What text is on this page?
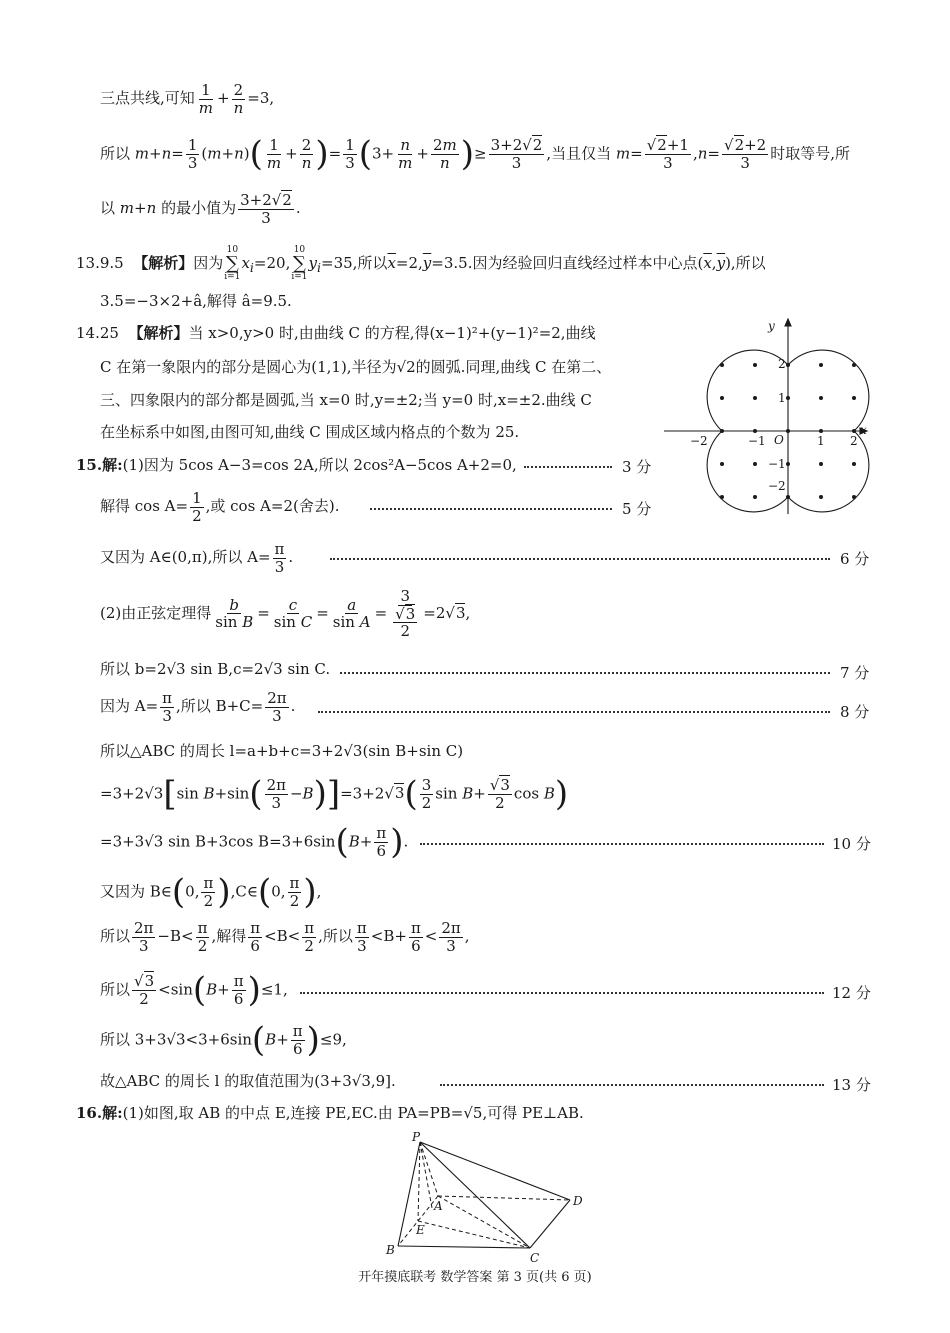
三点共线,可知 $\frac{1}{m} + \frac{2}{n} =3$,
所以 $m+n= \frac{1}{3} (m+n)( \frac{1}{m} + \frac{2}{n}$ )= $\frac{1}{3} (3+ \frac{n}{m} + \frac{2m}{n}$ )≥ $\frac{3+2√2}{3}$ ,当且仅当 $m= \frac{√2+1}{3} ,n= \frac{√2+2}{3}$ 时取等号,所
以 m+n 的最小值为 $\frac{3+2√2}{3}$ .
13.9.5 【解析】因为
10
∑
i=1
$x_i=20$,
10
∑
i=1
$y_i=35$,所以$\overline{x}=2,\overline{y}=3.5$.因为经验回归直线经过样本中心点$(\overline{x},\overline{y})$,所以
3.5=−3×2+â,解得 â=9.5.
14.25 【解析】当 x>0,y>0 时,由曲线 C 的方程,得(x−1)²+(y−1)²=2,曲线
C 在第一象限内的部分是圆心为(1,1),半径为√2的圆弧.同理,曲线 C 在第二、
三、四象限内的部分都是圆弧,当 x=0 时,y=±2;当 y=0 时,x=±2.曲线 C
在坐标系中如图,由图可知,曲线 C 围成区域内格点的个数为 25.	x
y
O
−2	−1	1 2
2
1
−1
−2
15.解:(1)因为 5cos A−3=cos 2A,所以 2cos²A−5cos A+2=0,	3 分
解得 $\cos A= \frac{1}{2}$ ,或 cos A=2(舍去).	5 分
又因为 A∈(0,π),所以 $A= \frac{\pi}{3}$ .	6 分
(2)由正弦定理得 $\frac{b}{\text{sin B}} = \frac{c}{\text{sin C}} = \frac{a}{\text{sin A}} = \frac{3}{\frac{√3}{2}} =2√3$,
所以 b=2√3 sin B,c=2√3 sin C.	7 分
因为 $A= \frac{\pi}{3}$ ,所以 $B+C= \frac{2\pi}{3}$ .	8 分
所以△ABC 的周长 l=a+b+c=3+2√3(sin B+sin C)
=3+2√3[sin $B+\sin( \frac{2\pi}{3} -B)]=3+2√3( \frac{3}{2}$ $\sin B+ \frac{√3}{2}$ cos B)
=3+3√3 sin B+3cos $B=3+6\sin(B+ \frac{\pi}{6}$ ).	10 分
又因为 B∈(0, $\frac{\pi}{2}$ ),C∈(0, $\frac{\pi}{2}$ ),
所以 $\frac{2\pi}{3} -B< \frac{\pi}{2}$ ,解得 $\frac{\pi}{6} <B< \frac{\pi}{2}$ ,所以 $\frac{\pi}{3} <B+ \frac{\pi}{6} < \frac{2\pi}{3}$ ,
所以 $\frac{√3}{2} <\sin(B+ \frac{\pi}{6} )\le 1$,	12 分
所以 $3+3√3<3+6\sin(B+ \frac{\pi}{6} )\le 9$,
故△ABC 的周长 l 的取值范围为(3+3√3,9].	13 分
16.解:(1)如图,取 AB 的中点 E,连接 PE,EC.由 PA=PB=√5,可得 PE⊥AB.
P
A
B
C
D
E
开年摸底联考 数学答案 第 3 页(共 6 页)
